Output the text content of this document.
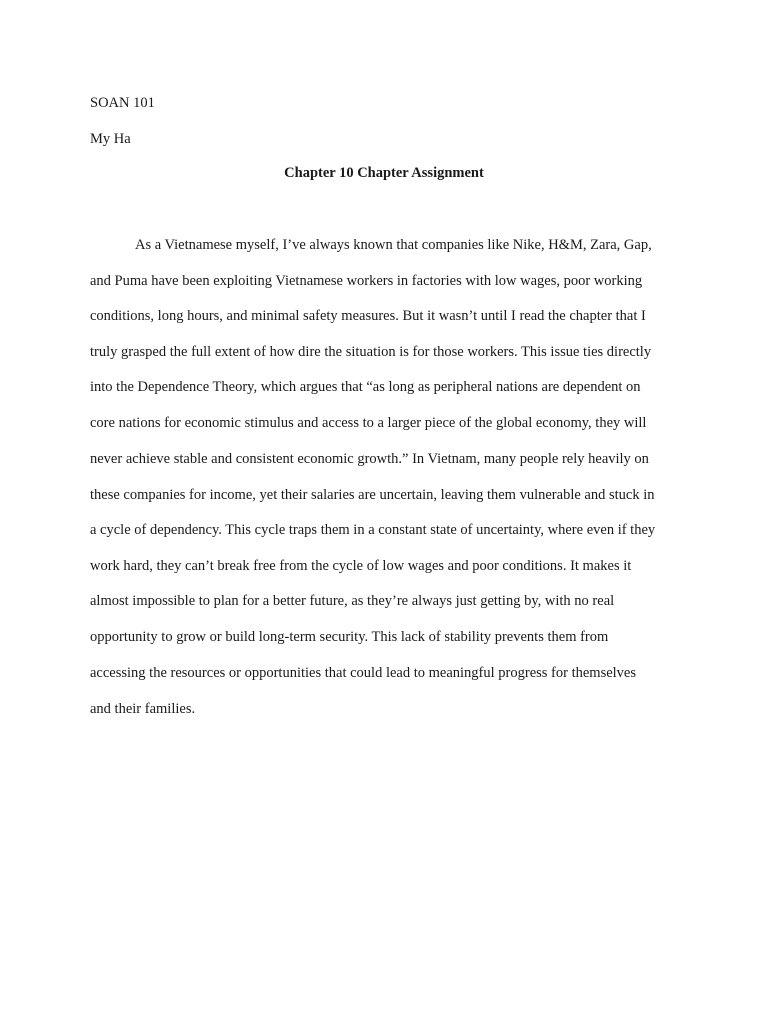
SOAN 101
My Ha
Chapter 10 Chapter Assignment
As a Vietnamese myself, I’ve always known that companies like Nike, H&M, Zara, Gap,
and Puma have been exploiting Vietnamese workers in factories with low wages, poor working
conditions, long hours, and minimal safety measures. But it wasn’t until I read the chapter that I
truly grasped the full extent of how dire the situation is for those workers. This issue ties directly
into the Dependence Theory, which argues that “as long as peripheral nations are dependent on
core nations for economic stimulus and access to a larger piece of the global economy, they will
never achieve stable and consistent economic growth.” In Vietnam, many people rely heavily on
these companies for income, yet their salaries are uncertain, leaving them vulnerable and stuck in
a cycle of dependency. This cycle traps them in a constant state of uncertainty, where even if they
work hard, they can’t break free from the cycle of low wages and poor conditions. It makes it
almost impossible to plan for a better future, as they’re always just getting by, with no real
opportunity to grow or build long-term security. This lack of stability prevents them from
accessing the resources or opportunities that could lead to meaningful progress for themselves
and their families.
